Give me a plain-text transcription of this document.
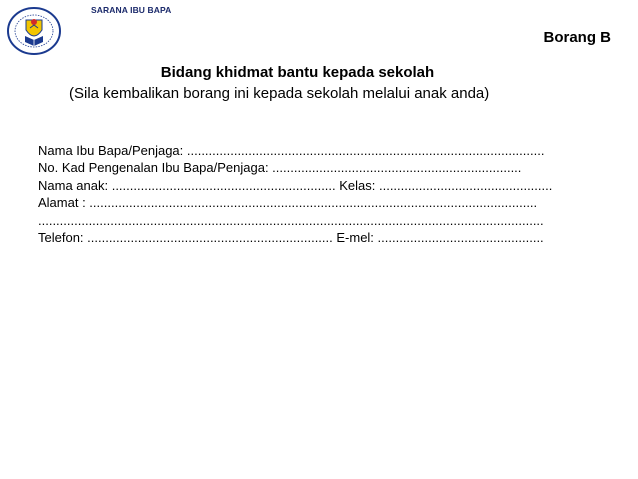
SARANA IBU BAPA
Borang B
Bidang khidmat bantu kepada sekolah
(Sila kembalikan borang ini kepada sekolah melalui anak anda)
Nama Ibu Bapa/Penjaga: ...................................................................................................
No. Kad Pengenalan Ibu Bapa/Penjaga: .....................................................................
Nama anak: .............................................................. Kelas: ................................................
Alamat : ............................................................................................................................
............................................................................................................................................
Telefon: .................................................................... E-mel: ..............................................
